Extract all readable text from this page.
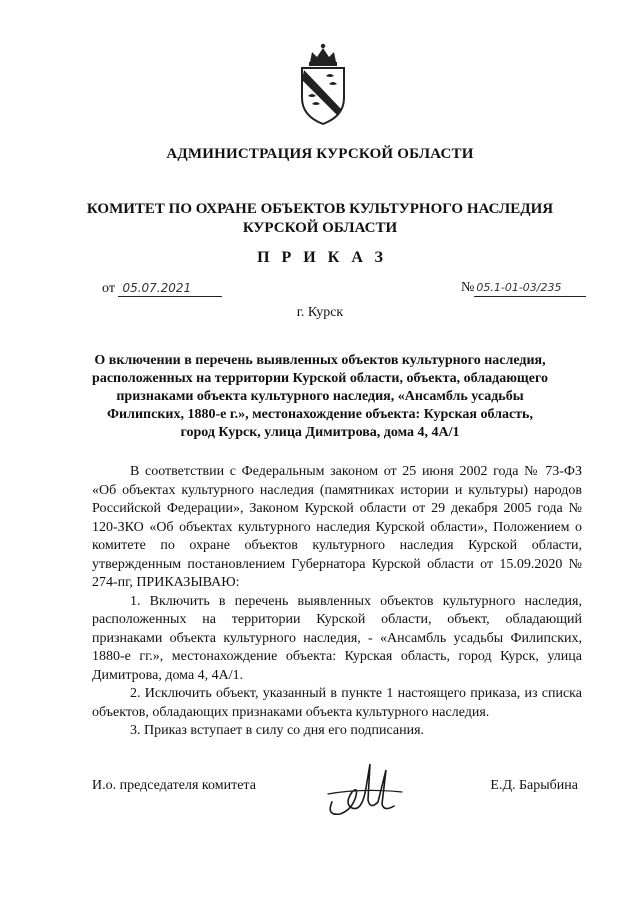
АДМИНИСТРАЦИЯ КУРСКОЙ ОБЛАСТИ
КОМИТЕТ ПО ОХРАНЕ ОБЪЕКТОВ КУЛЬТУРНОГО НАСЛЕДИЯ КУРСКОЙ ОБЛАСТИ
ПРИКАЗ
от 05.07.2021	№ 05.1-01-03/235
г. Курск
О включении в перечень выявленных объектов культурного наследия, расположенных на территории Курской области, объекта, обладающего признаками объекта культурного наследия, «Ансамбль усадьбы Филипских, 1880-е г.», местонахождение объекта: Курская область, город Курск, улица Димитрова, дома 4, 4А/1

В соответствии с Федеральным законом от 25 июня 2002 года № 73-ФЗ «Об объектах культурного наследия (памятниках истории и культуры) народов Российской Федерации», Законом Курской области от 29 декабря 2005 года № 120-ЗКО «Об объектах культурного наследия Курской области», Положением о комитете по охране объектов культурного наследия Курской области, утвержденным постановлением Губернатора Курской области от 15.09.2020 № 274-пг, ПРИКАЗЫВАЮ:

1. Включить в перечень выявленных объектов культурного наследия, расположенных на территории Курской области, объект, обладающий признаками объекта культурного наследия, - «Ансамбль усадьбы Филипских, 1880-е гг.», местонахождение объекта: Курская область, город Курск, улица Димитрова, дома 4, 4А/1.

2. Исключить объект, указанный в пункте 1 настоящего приказа, из списка объектов, обладающих признаками объекта культурного наследия.

3. Приказ вступает в силу со дня его подписания.

И.о. председателя комитета	Е.Д. Барыбина
